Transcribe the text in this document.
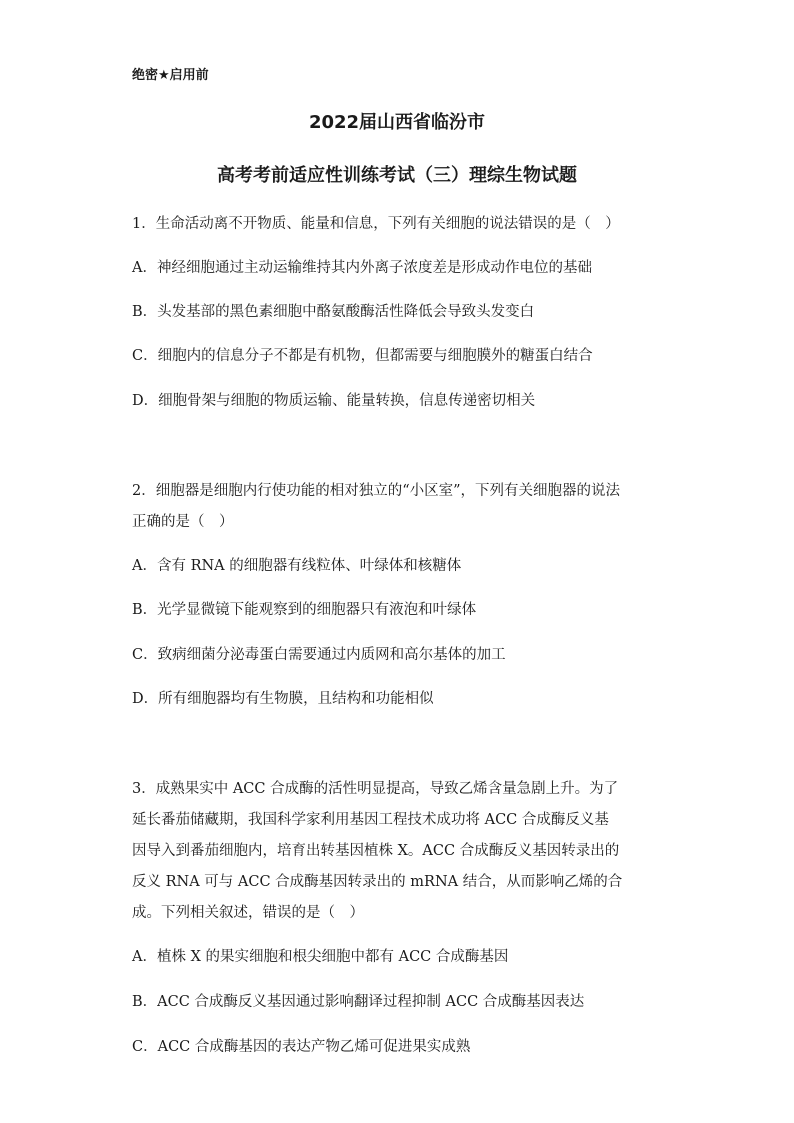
绝密★启用前
2022届山西省临汾市
高考考前适应性训练考试（三）理综生物试题
1．生命活动离不开物质、能量和信息，下列有关细胞的说法错误的是（　）
A．神经细胞通过主动运输维持其内外离子浓度差是形成动作电位的基础
B．头发基部的黑色素细胞中酪氨酸酶活性降低会导致头发变白
C．细胞内的信息分子不都是有机物，但都需要与细胞膜外的糖蛋白结合
D．细胞骨架与细胞的物质运输、能量转换，信息传递密切相关
2．细胞器是细胞内行使功能的相对独立的“小区室”，下列有关细胞器的说法
正确的是（　）
A．含有 RNA 的细胞器有线粒体、叶绿体和核糖体
B．光学显微镜下能观察到的细胞器只有液泡和叶绿体
C．致病细菌分泌毒蛋白需要通过内质网和高尔基体的加工
D．所有细胞器均有生物膜，且结构和功能相似
3．成熟果实中 ACC 合成酶的活性明显提高，导致乙烯含量急剧上升。为了
延长番茄储藏期，我国科学家利用基因工程技术成功将 ACC 合成酶反义基
因导入到番茄细胞内，培育出转基因植株 X。ACC 合成酶反义基因转录出的
反义 RNA 可与 ACC 合成酶基因转录出的 mRNA 结合，从而影响乙烯的合
成。下列相关叙述，错误的是（　）
A．植株 X 的果实细胞和根尖细胞中都有 ACC 合成酶基因
B．ACC 合成酶反义基因通过影响翻译过程抑制 ACC 合成酶基因表达
C．ACC 合成酶基因的表达产物乙烯可促进果实成熟
